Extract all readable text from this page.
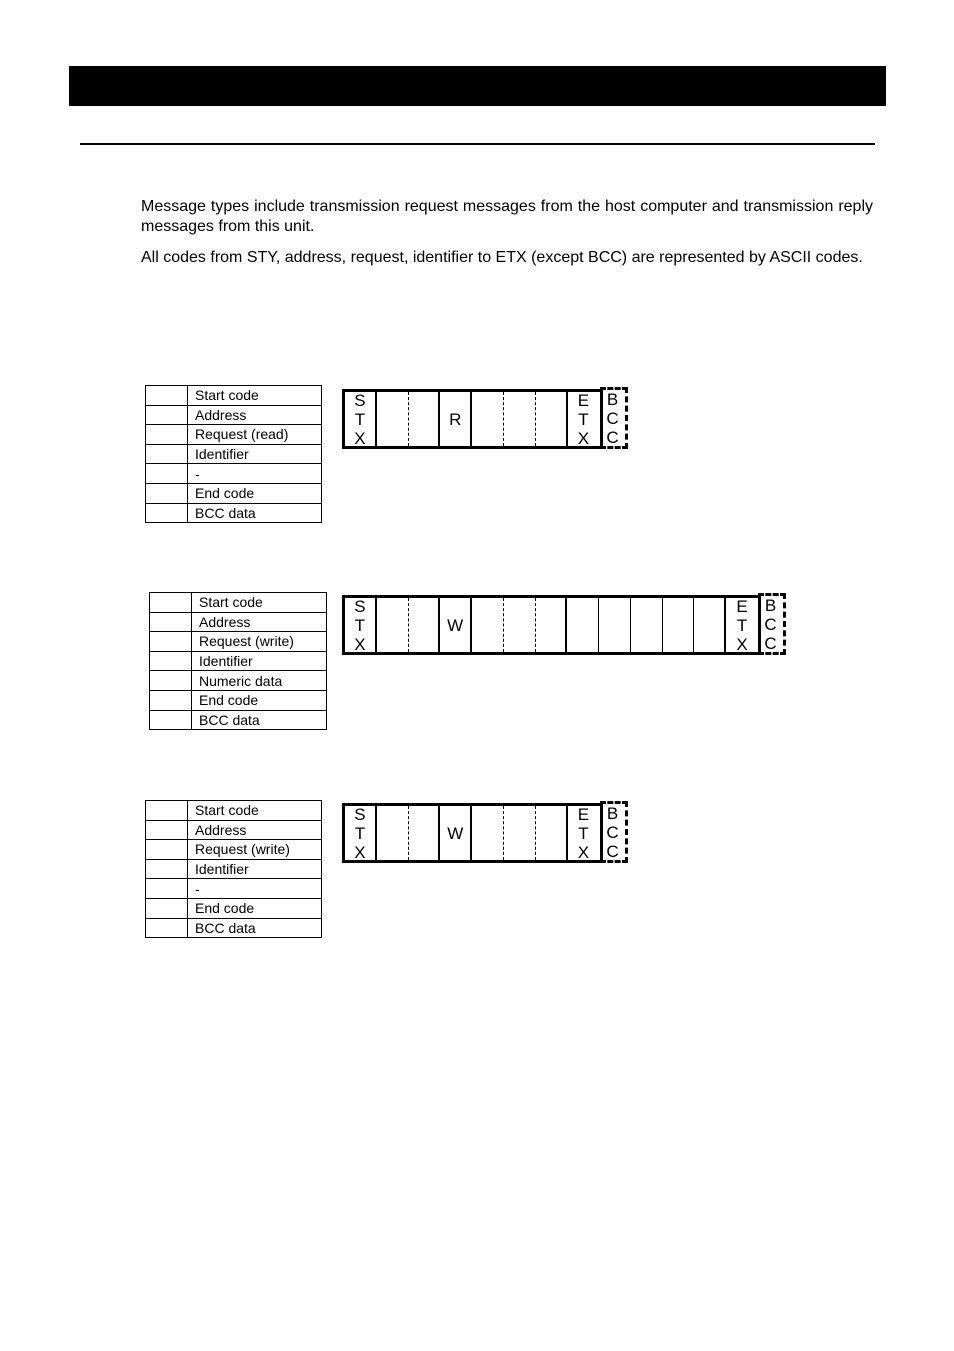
Message types include transmission request messages from the host computer and transmission reply messages from this unit.

All codes from STY, address, request, identifier to ETX (except BCC) are represented by ASCII codes.

	Start code
	Address
	Request (read)
	Identifier
	-
	End code
	BCC data
S
T
X
R
E
T
X
B
C
C
	Start code
	Address
	Request (write)
	Identifier
	Numeric data
	End code
	BCC data
S
T
X
W
E
T
X
B
C
C
	Start code
	Address
	Request (write)
	Identifier
	-
	End code
	BCC data
S
T
X
W
E
T
X
B
C
C
